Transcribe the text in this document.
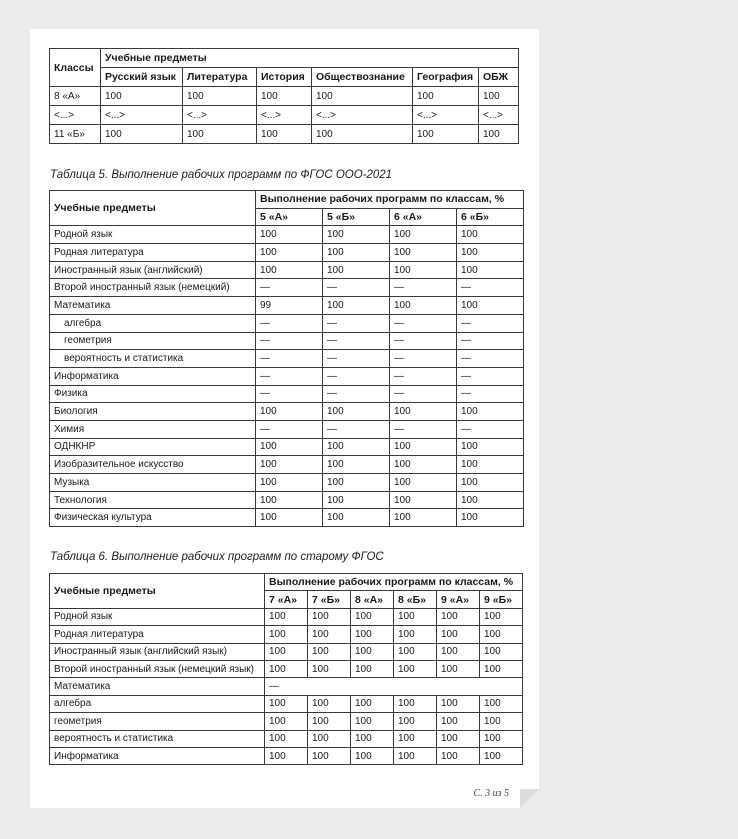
Классы	Учебные предметы					
	Русский язык	Литература	История	Обществознание	География	ОБЖ
8 «А»	100	100	100	100	100	100
<...>	<...>	<...>	<...>	<...>	<...>	<...>
11 «Б»	100	100	100	100	100	100
Таблица 5. Выполнение рабочих программ по ФГОС ООО-2021
Учебные предметы	Выполнение рабочих программ по классам, %			
	5 «А»	5 «Б»	6 «А»	6 «Б»
Родной язык	100	100	100	100
Родная литература	100	100	100	100
Иностранный язык (английский)	100	100	100	100
Второй иностранный язык (немецкий)	—	—	—	—
Математика	99	100	100	100
алгебра	—	—	—	—
геометрия	—	—	—	—
вероятность и статистика	—	—	—	—
Информатика	—	—	—	—
Физика	—	—	—	—
Биология	100	100	100	100
Химия	—	—	—	—
ОДНКНР	100	100	100	100
Изобразительное искусство	100	100	100	100
Музыка	100	100	100	100
Технология	100	100	100	100
Физическая культура	100	100	100	100
Таблица 6. Выполнение рабочих программ по старому ФГОС
Учебные предметы	Выполнение рабочих программ по классам, %					
	7 «А»	7 «Б»	8 «А»	8 «Б»	9 «А»	9 «Б»
Родной язык	100	100	100	100	100	100
Родная литература	100	100	100	100	100	100
Иностранный язык (английский язык)	100	100	100	100	100	100
Второй иностранный язык (немецкий язык)	100	100	100	100	100	100
Математика	—					
алгебра	100	100	100	100	100	100
геометрия	100	100	100	100	100	100
вероятность и статистика	100	100	100	100	100	100
Информатика	100	100	100	100	100	100
С. 3 из 5
